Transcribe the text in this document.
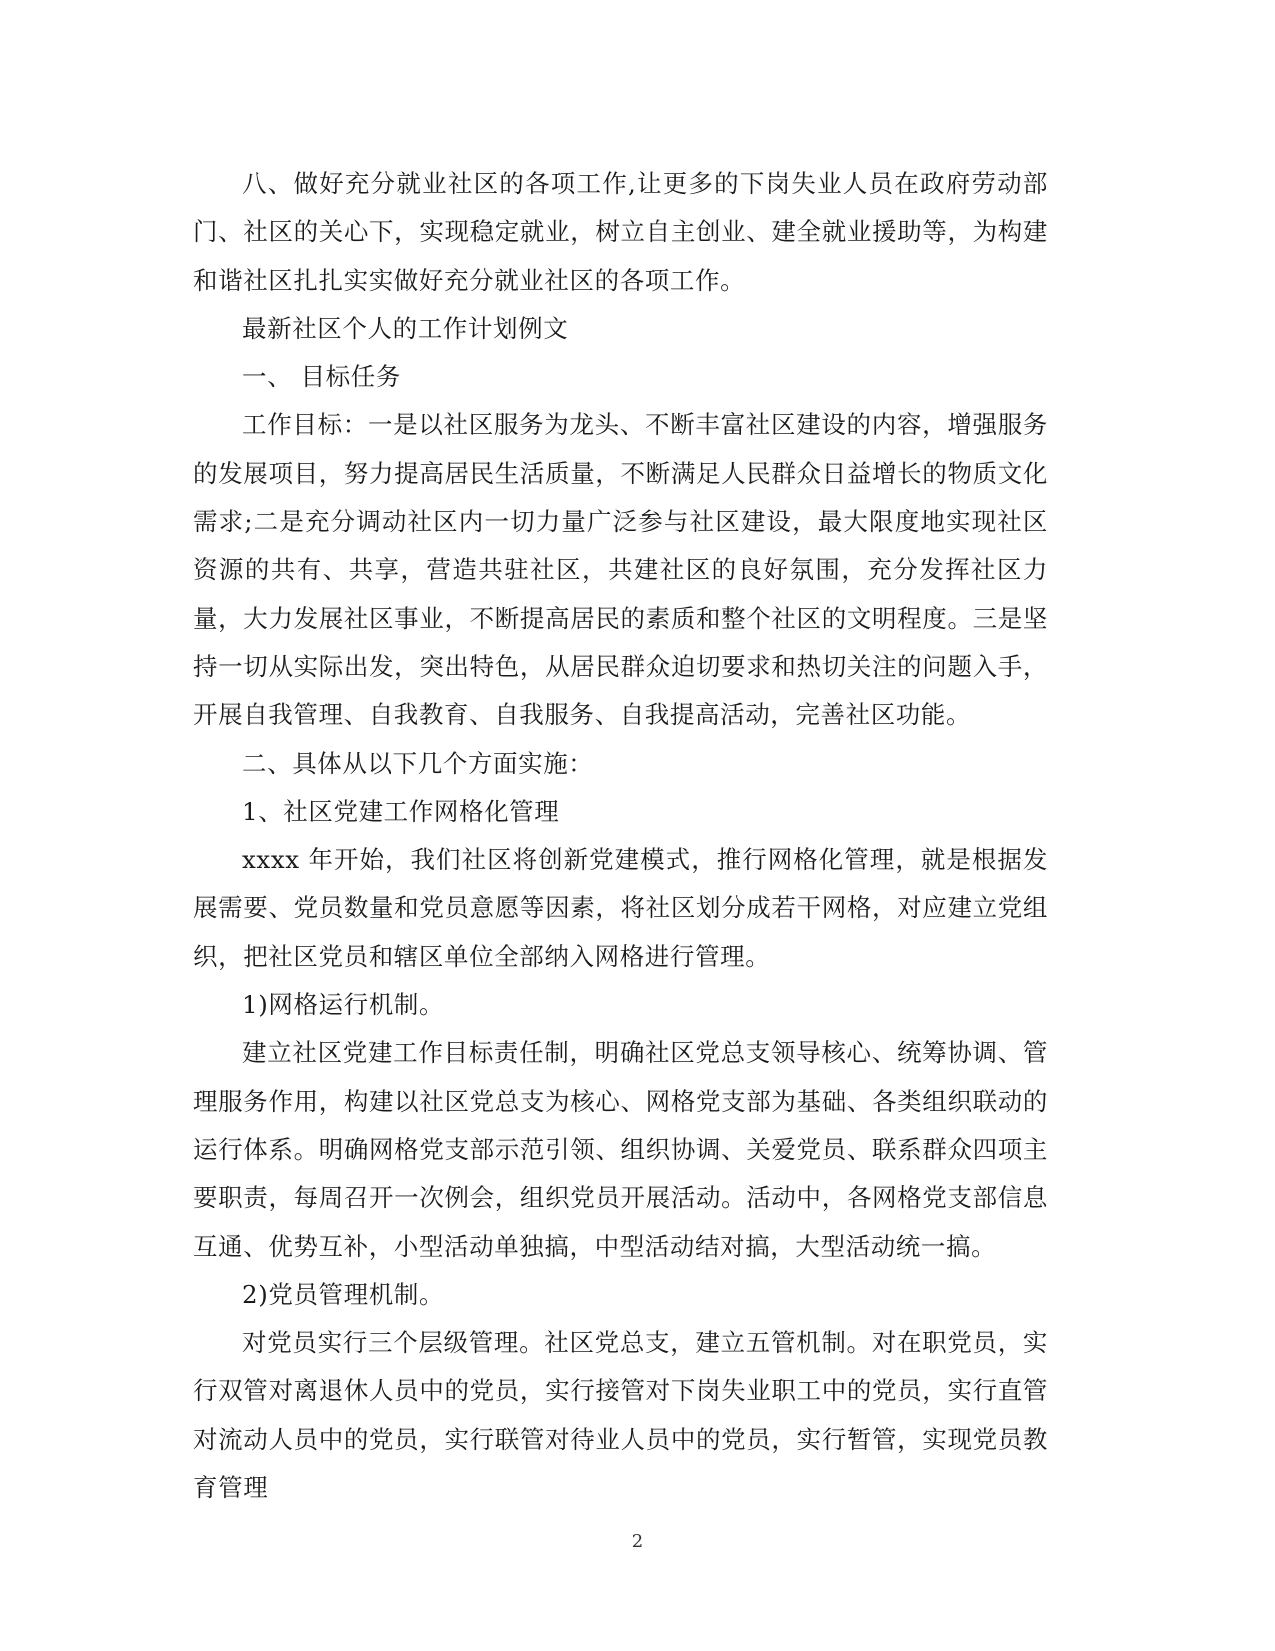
八、做好充分就业社区的各项工作,让更多的下岗失业人员在政府劳动部门、社区的关心下，实现稳定就业，树立自主创业、建全就业援助等，为构建和谐社区扎扎实实做好充分就业社区的各项工作。

最新社区个人的工作计划例文

一、 目标任务

工作目标：一是以社区服务为龙头、不断丰富社区建设的内容，增强服务的发展项目，努力提高居民生活质量，不断满足人民群众日益增长的物质文化需求;二是充分调动社区内一切力量广泛参与社区建设，最大限度地实现社区资源的共有、共享，营造共驻社区，共建社区的良好氛围，充分发挥社区力量，大力发展社区事业，不断提高居民的素质和整个社区的文明程度。三是坚持一切从实际出发，突出特色，从居民群众迫切要求和热切关注的问题入手，开展自我管理、自我教育、自我服务、自我提高活动，完善社区功能。

二、具体从以下几个方面实施：

1、社区党建工作网格化管理

xxxx 年开始，我们社区将创新党建模式，推行网格化管理，就是根据发展需要、党员数量和党员意愿等因素，将社区划分成若干网格，对应建立党组织，把社区党员和辖区单位全部纳入网格进行管理。

1)网格运行机制。

建立社区党建工作目标责任制，明确社区党总支领导核心、统筹协调、管理服务作用，构建以社区党总支为核心、网格党支部为基础、各类组织联动的运行体系。明确网格党支部示范引领、组织协调、关爱党员、联系群众四项主要职责，每周召开一次例会，组织党员开展活动。活动中，各网格党支部信息互通、优势互补，小型活动单独搞，中型活动结对搞，大型活动统一搞。

2)党员管理机制。

对党员实行三个层级管理。社区党总支，建立五管机制。对在职党员，实行双管对离退休人员中的党员，实行接管对下岗失业职工中的党员，实行直管对流动人员中的党员，实行联管对待业人员中的党员，实行暂管，实现党员教育管理

2
